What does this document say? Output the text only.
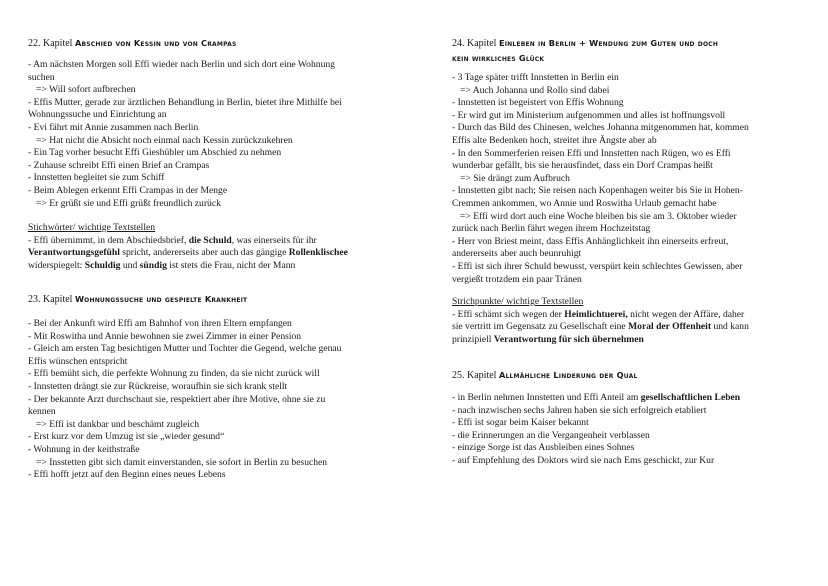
22. Kapitel Abschied von Kessin und von Crampas
- Am nächsten Morgen soll Effi wieder nach Berlin und sich dort eine Wohnung
suchen
=> Will sofort aufbrechen
- Effis Mutter, gerade zur ärztlichen Behandlung in Berlin, bietet ihre Mithilfe bei
Wohnungssuche und Einrichtung an
- Evi fährt mit Annie zusammen nach Berlin
=> Hat nicht die Absicht noch einmal nach Kessin zurückzukehren
- Ein Tag vorher besucht Effi Gieshübler um Abschied zu nehmen
- Zuhause schreibt Effi einen Brief an Crampas
- Innstetten begleitet sie zum Schiff
- Beim Ablegen erkennt Effi Crampas in der Menge
=> Er grüßt sie und Effi grüßt freundlich zurück
Stichwörter/ wichtige Textstellen
- Effi übernimmt, in dem Abschiedsbrief, die Schuld, was einerseits für ihr
Verantwortungsgefühl spricht, andererseits aber auch das gängige Rollenklischee
widerspiegelt: Schuldig und sündig ist stets die Frau, nicht der Mann
23. Kapitel Wohnungssuche und gespielte Krankheit
- Bei der Ankunft wird Effi am Bahnhof von ihren Eltern empfangen
- Mit Roswitha und Annie bewohnen sie zwei Zimmer in einer Pension
- Gleich am ersten Tag besichtigen Mutter und Tochter die Gegend, welche genau
Effis wünschen entspricht
- Effi bemüht sich, die perfekte Wohnung zu finden, da sie nicht zurück will
- Innstetten drängt sie zur Rückreise, woraufhin sie sich krank stellt
- Der bekannte Arzt durchschaut sie, respektiert aber ihre Motive, ohne sie zu
kennen
=> Effi ist dankbar und beschämt zugleich
- Erst kurz vor dem Umzug ist sie „wieder gesund“
- Wohnung in der keithstraße
=> Insstetten gibt sich damit einverstanden, sie sofort in Berlin zu besuchen
- Effi hofft jetzt auf den Beginn eines neues Lebens
24. Kapitel Einleben in Berlin + Wendung zum Guten und doch
kein wirkliches Glück
- 3 Tage später trifft Innstetten in Berlin ein
=> Auch Johanna und Rollo sind dabei
- Innstetten ist begeistert von Effis Wohnung
- Er wird gut im Ministerium aufgenommen und alles ist hoffnungsvoll
- Durch das Bild des Chinesen, welches Johanna mitgenommen hat, kommen
Effis alte Bedenken hoch, streitet ihre Ängste aber ab
- In den Sommerferien reisen Effi und Innstetten nach Rügen, wo es Effi
wunderbar gefällt, bis sie herausfindet, dass ein Dorf Crampas heißt
=> Sie drängt zum Aufbruch
- Innstetten gibt nach; Sie reisen nach Kopenhagen weiter bis Sie in Hohen-
Cremmen ankommen, wo Annie und Roswitha Urlaub gemacht habe
=> Effi wird dort auch eine Woche bleiben bis sie am 3. Oktober wieder
zurück nach Berlin fährt wegen ihrem Hochzeitstag
- Herr von Briest meint, dass Effis Anhänglichkeit ihn einerseits erfreut,
andererseits aber auch beunruhigt
- Effi ist sich ihrer Schuld bewusst, verspürt kein schlechtes Gewissen, aber
vergießt trotzdem ein paar Tränen
Strichpunkte/ wichtige Textstellen
- Effi schämt sich wegen der Heimlichtuerei, nicht wegen der Affäre, daher
sie vertritt im Gegensatz zu Gesellschaft eine Moral der Offenheit und kann
prinzipiell Verantwortung für sich übernehmen
25. Kapitel Allmähliche Linderung der Qual
- in Berlin nehmen Innstetten und Effi Anteil am gesellschaftlichen Leben
- nach inzwischen sechs Jahren haben sie sich erfolgreich etabliert
- Effi ist sogar beim Kaiser bekannt
- die Erinnerungen an die Vergangenheit verblassen
- einzige Sorge ist das Ausbleiben eines Sohnes
- auf Empfehlung des Doktors wird sie nach Ems geschickt, zur Kur
